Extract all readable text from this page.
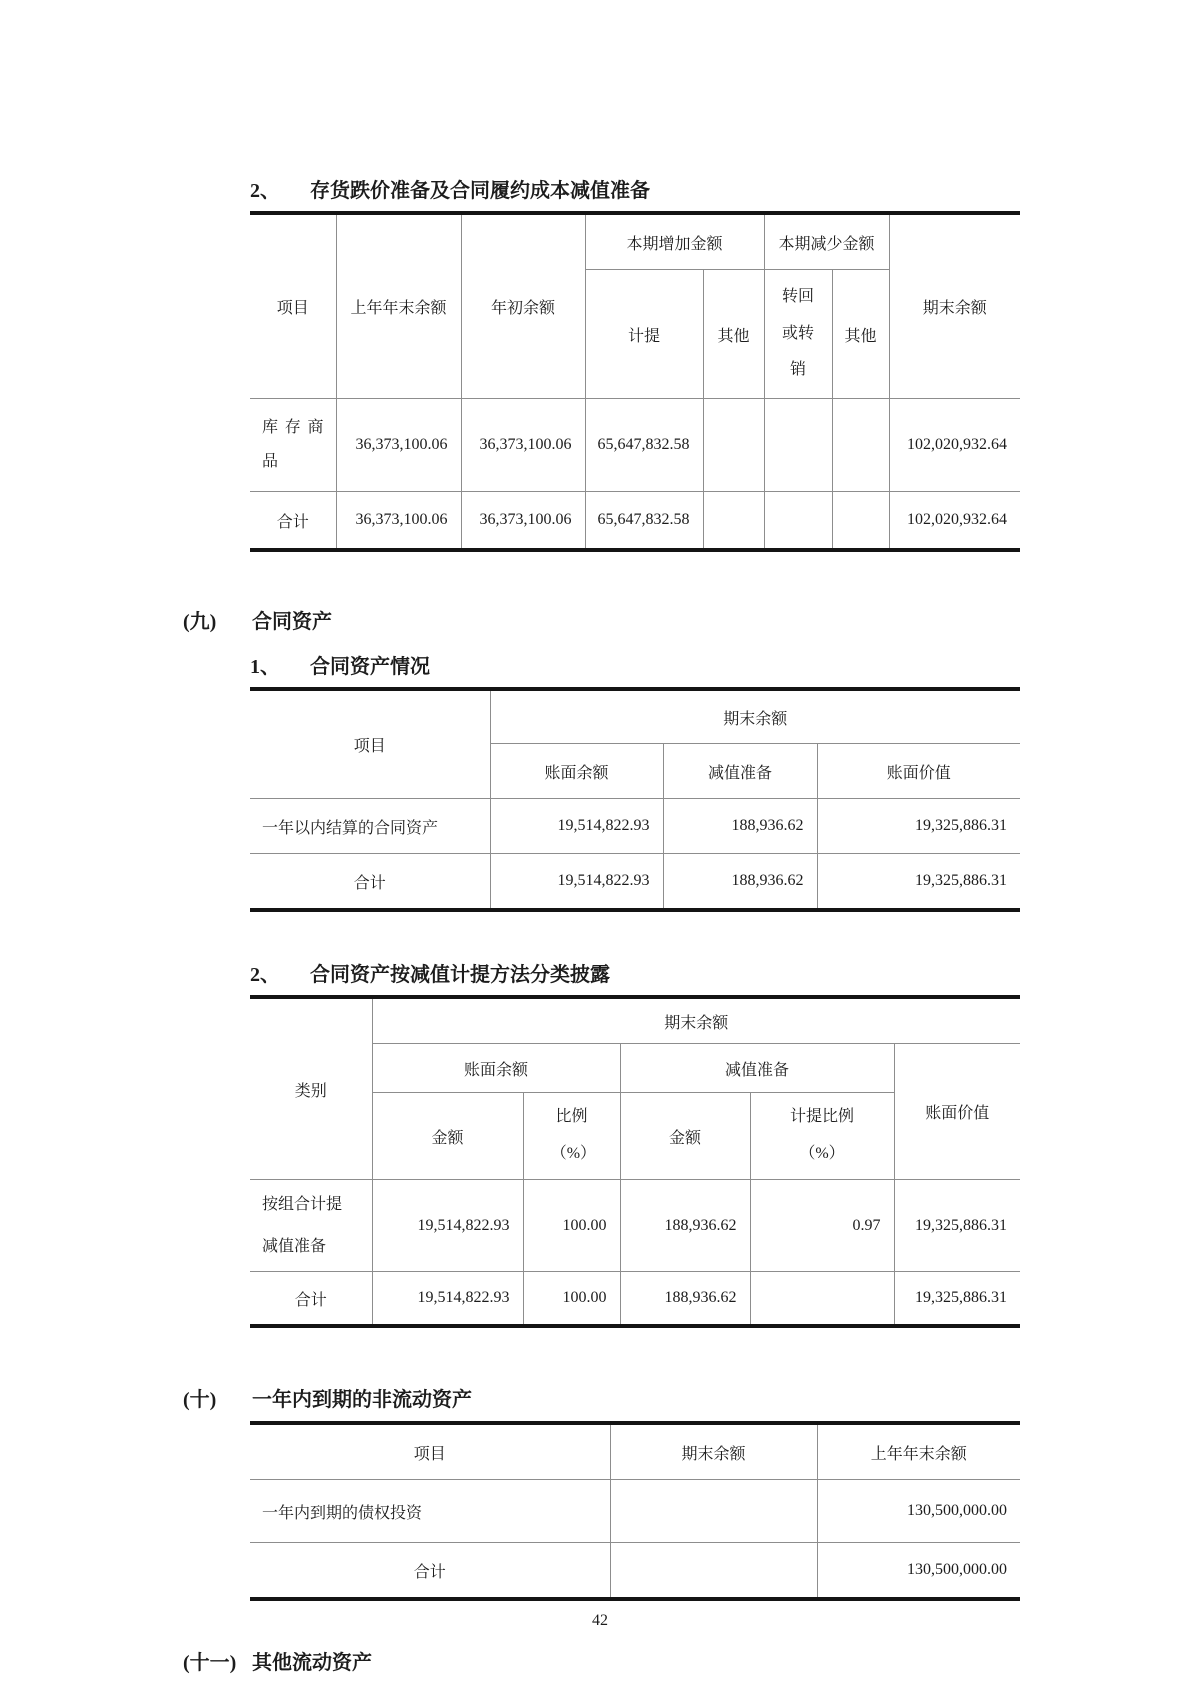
2、	存货跌价准备及合同履约成本减值准备
项目	上年年末余额	年初余额	本期增加金额		本期减少金额		期末余额
			计提	其他	转回或转销	其他	
库存商品	36,373,100.06	36,373,100.06	65,647,832.58				102,020,932.64
合计	36,373,100.06	36,373,100.06	65,647,832.58				102,020,932.64
(九)	合同资产
1、	合同资产情况
项目	期末余额		
	账面余额	减值准备	账面价值
一年以内结算的合同资产	19,514,822.93	188,936.62	19,325,886.31
合计	19,514,822.93	188,936.62	19,325,886.31
2、	合同资产按减值计提方法分类披露
类别	期末余额				
	账面余额		减值准备		账面价值
	金额	比例（%）	金额	计提比例（%）	
按组合计提减值准备	19,514,822.93	100.00	188,936.62	0.97	19,325,886.31
合计	19,514,822.93	100.00	188,936.62		19,325,886.31
(十)	一年内到期的非流动资产
项目	期末余额	上年年末余额
一年内到期的债权投资		130,500,000.00
合计		130,500,000.00
(十一) 其他流动资产
42
